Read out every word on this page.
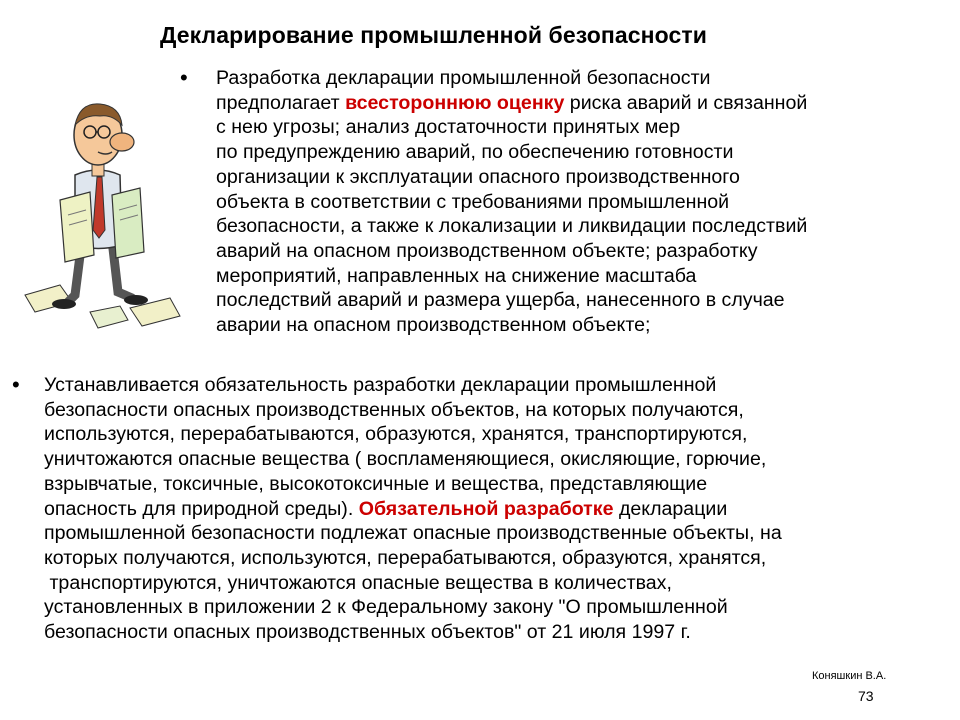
Декларирование промышленной безопасности
• Разработка декларации промышленной безопасности
предполагает всестороннюю оценку риска аварий и связанной
с нею угрозы; анализ достаточности принятых мер
по предупреждению аварий, по обеспечению готовности
организации к эксплуатации опасного производственного
объекта в соответствии с требованиями промышленной
безопасности, а также к локализации и ликвидации последствий
аварий на опасном производственном объекте; разработку
мероприятий, направленных на снижение масштаба
последствий аварий и размера ущерба, нанесенного в случае
аварии на опасном производственном объекте;
• Устанавливается обязательность разработки декларации промышленной
безопасности опасных производственных объектов, на которых получаются,
используются, перерабатываются, образуются, хранятся, транспортируются,
уничтожаются опасные вещества ( воспламеняющиеся, окисляющие, горючие,
взрывчатые, токсичные, высокотоксичные и вещества, представляющие
опасность для природной среды). Обязательной разработке декларации
промышленной безопасности подлежат опасные производственные объекты, на
которых получаются, используются, перерабатываются, образуются, хранятся,
транспортируются, уничтожаются опасные вещества в количествах,
установленных в приложении 2 к Федеральному закону "О промышленной
безопасности опасных производственных объектов" от 21 июля 1997 г.
Коняшкин В.А.
73
